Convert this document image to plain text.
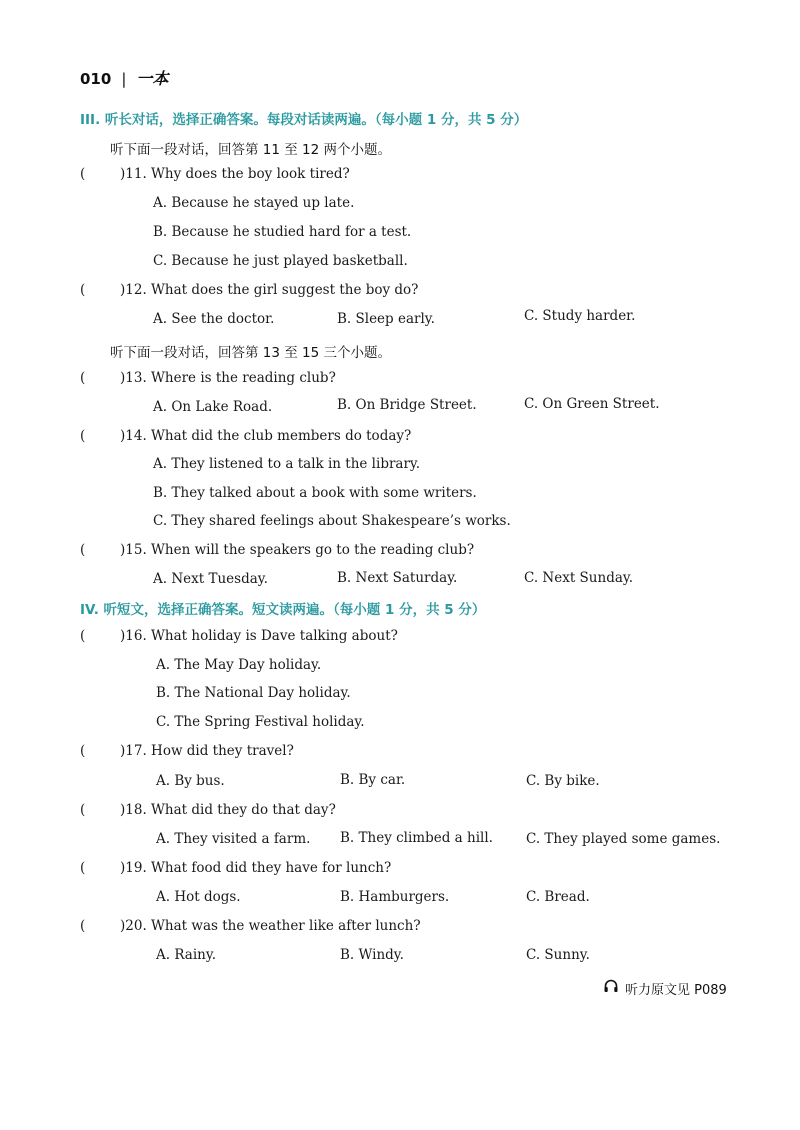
010 | 一本
III. 听长对话，选择正确答案。每段对话读两遍。（每小题 1 分，共 5 分）
听下面一段对话，回答第 11 至 12 两个小题。
(	)11. Why does the boy look tired?
A. Because he stayed up late.
B. Because he studied hard for a test.
C. Because he just played basketball.
(	)12. What does the girl suggest the boy do?
A. See the doctor.	B. Sleep early.	C. Study harder.
听下面一段对话，回答第 13 至 15 三个小题。
(	)13. Where is the reading club?
A. On Lake Road.	B. On Bridge Street.	C. On Green Street.
(	)14. What did the club members do today?
A. They listened to a talk in the library.
B. They talked about a book with some writers.
C. They shared feelings about Shakespeare’s works.
(	)15. When will the speakers go to the reading club?
A. Next Tuesday.	B. Next Saturday.	C. Next Sunday.
IV. 听短文，选择正确答案。短文读两遍。（每小题 1 分，共 5 分）
(	)16. What holiday is Dave talking about?
A. The May Day holiday.
B. The National Day holiday.
C. The Spring Festival holiday.
(	)17. How did they travel?
A. By bus.	B. By car.	C. By bike.
(	)18. What did they do that day?
A. They visited a farm. B. They climbed a hill. C. They played some games.
(	)19. What food did they have for lunch?
A. Hot dogs.	B. Hamburgers.	C. Bread.
(	)20. What was the weather like after lunch?
A. Rainy.	B. Windy.	C. Sunny.
听力原文见 P089
